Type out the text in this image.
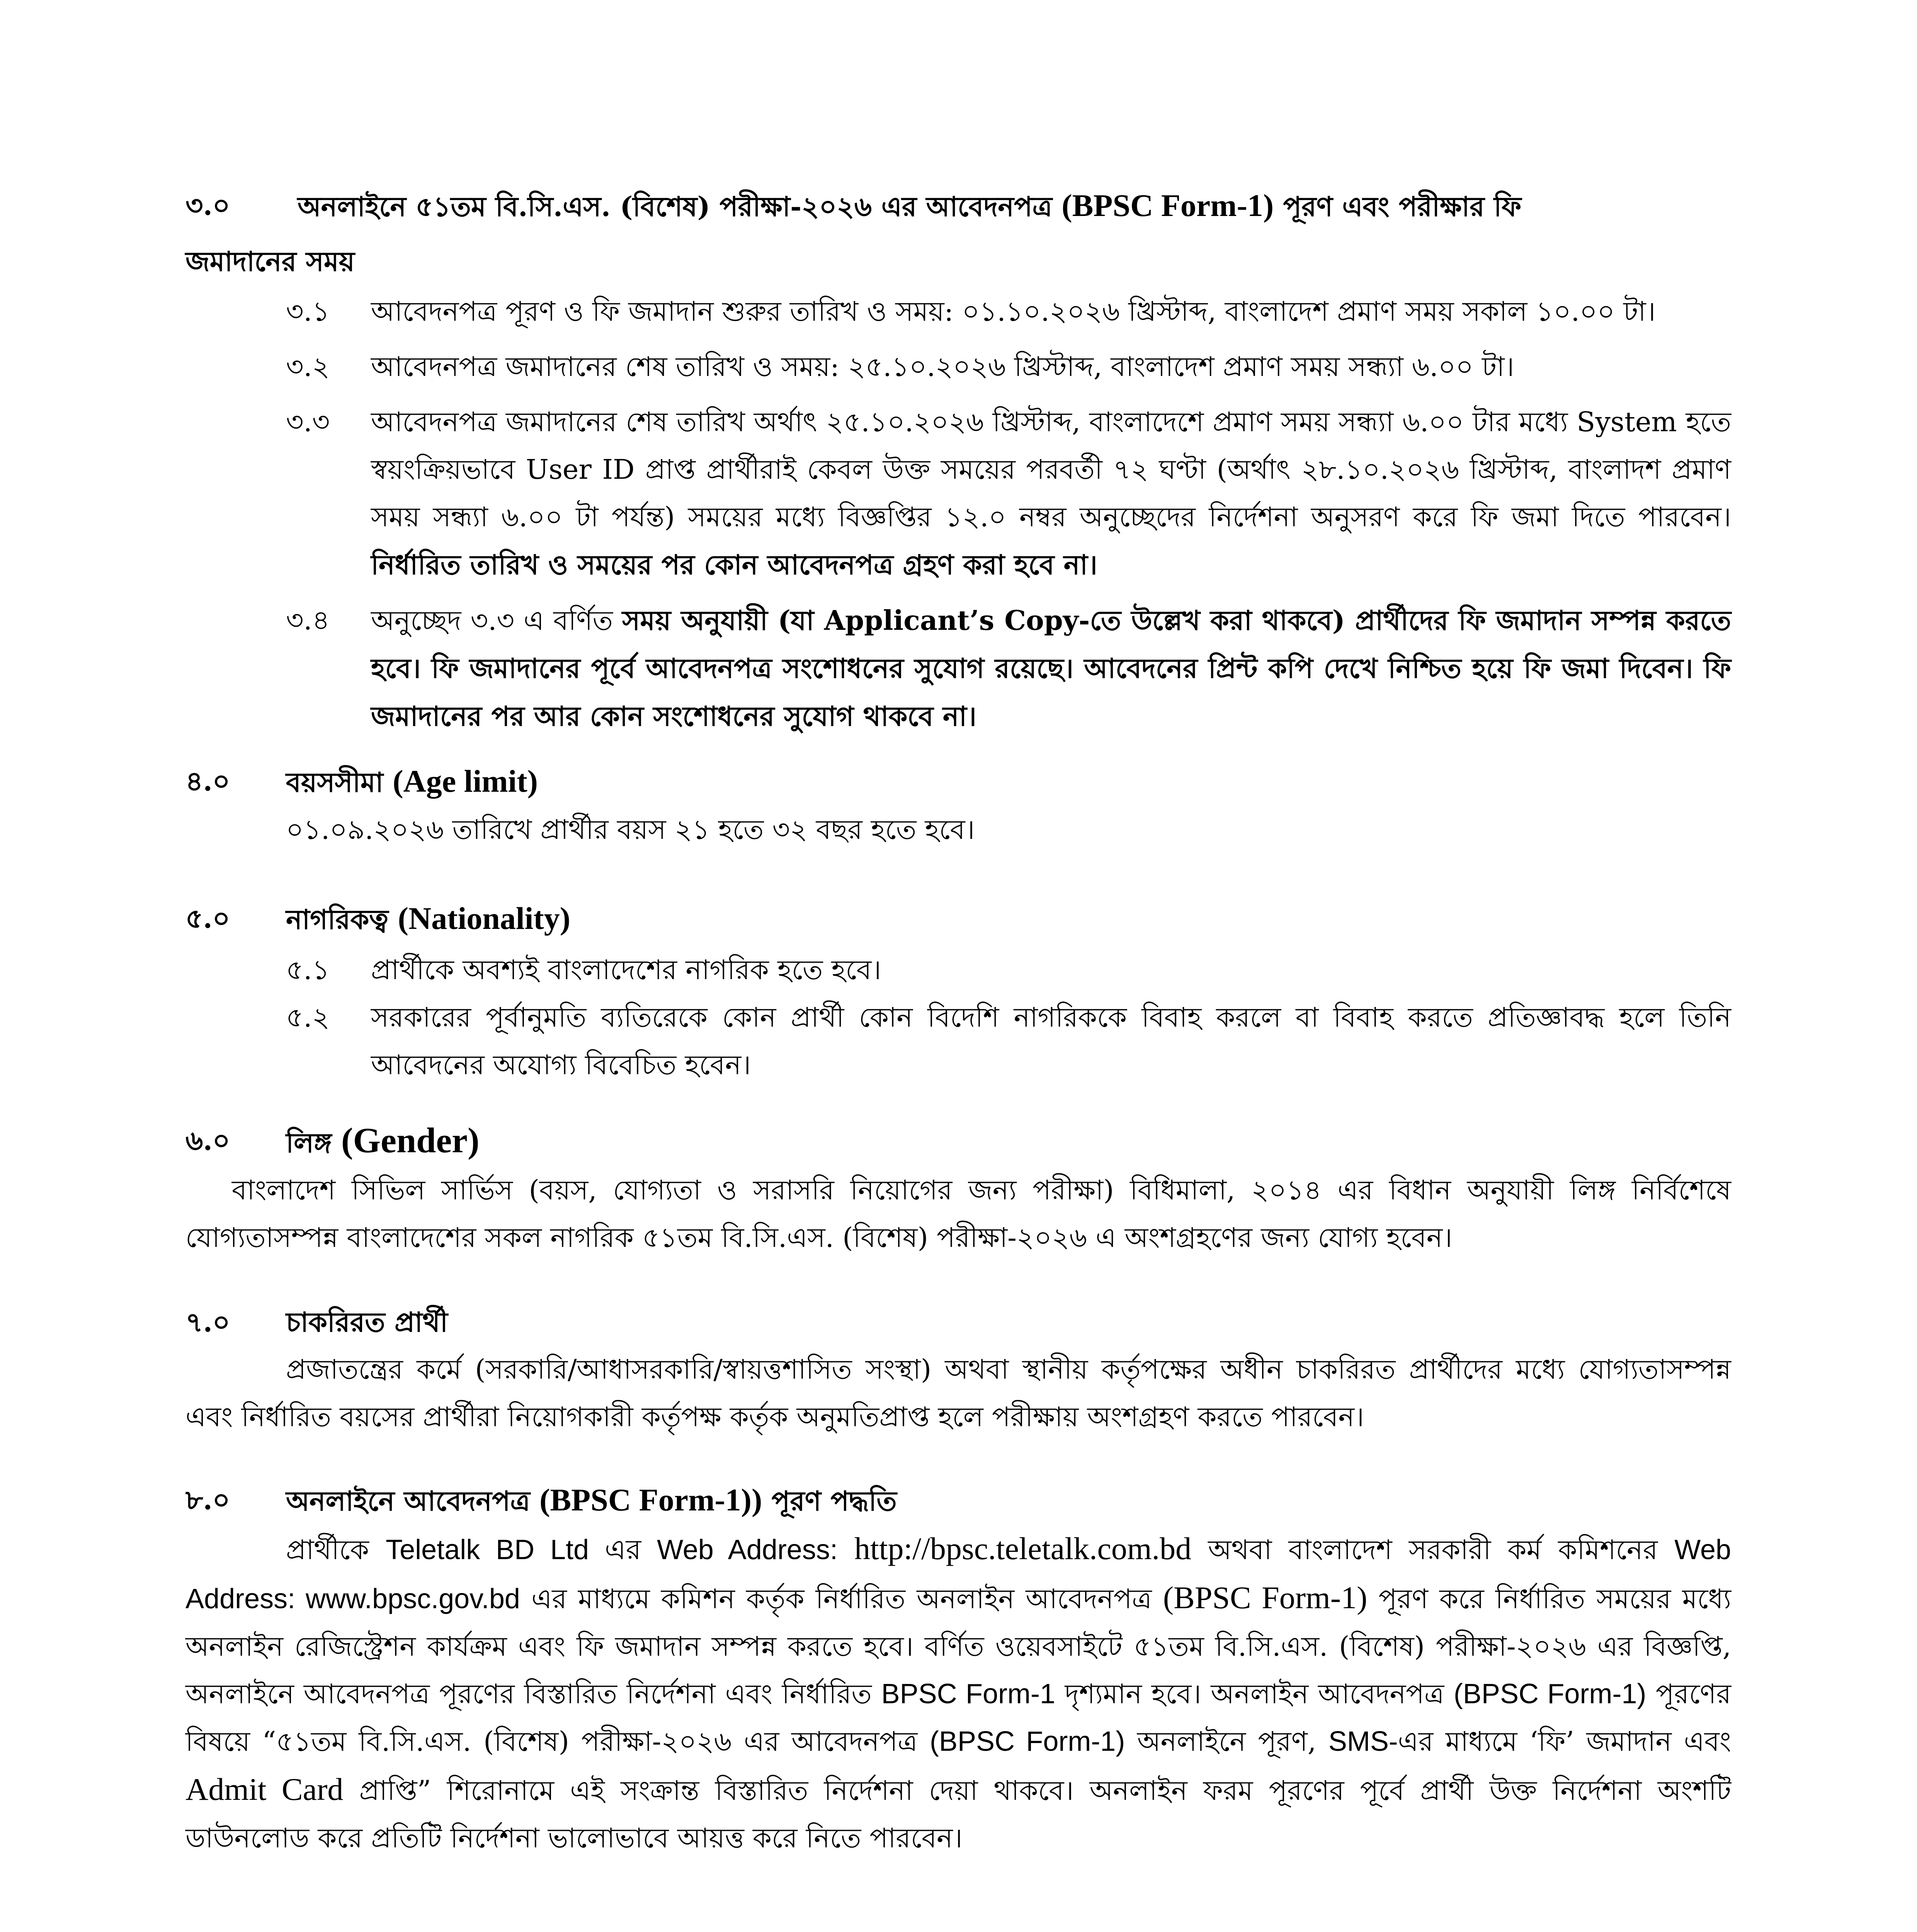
৩.০	অনলাইনে ৫১তম বি.সি.এস. (বিশেষ) পরীক্ষা-২০২৬ এর আবেদনপত্র (BPSC Form-1) পূরণ এবং পরীক্ষার ফি
জমাদানের সময়
৩.১ আবেদনপত্র পূরণ ও ফি জমাদান শুরুর তারিখ ও সময়: ০১.১০.২০২৬ খ্রিস্টাব্দ, বাংলাদেশ প্রমাণ সময় সকাল ১০.০০ টা।
৩.২ আবেদনপত্র জমাদানের শেষ তারিখ ও সময়: ২৫.১০.২০২৬ খ্রিস্টাব্দ, বাংলাদেশ প্রমাণ সময় সন্ধ্যা ৬.০০ টা।
৩.৩ আবেদনপত্র জমাদানের শেষ তারিখ অর্থাৎ ২৫.১০.২০২৬ খ্রিস্টাব্দ, বাংলাদেশে প্রমাণ সময় সন্ধ্যা ৬.০০ টার মধ্যে System হতে স্বয়ংক্রিয়ভাবে User ID প্রাপ্ত প্রার্থীরাই কেবল উক্ত সময়ের পরবর্তী ৭২ ঘণ্টা (অর্থাৎ ২৮.১০.২০২৬ খ্রিস্টাব্দ, বাংলাদশ প্রমাণ সময় সন্ধ্যা ৬.০০ টা পর্যন্ত) সময়ের মধ্যে বিজ্ঞপ্তির ১২.০ নম্বর অনুচ্ছেদের নির্দেশনা অনুসরণ করে ফি জমা দিতে পারবেন। নির্ধারিত তারিখ ও সময়ের পর কোন আবেদনপত্র গ্রহণ করা হবে না।
৩.৪ অনুচ্ছেদ ৩.৩ এ বর্ণিত সময় অনুযায়ী (যা Applicant’s Copy-তে উল্লেখ করা থাকবে) প্রার্থীদের ফি জমাদান সম্পন্ন করতে হবে। ফি জমাদানের পূর্বে আবেদনপত্র সংশোধনের সুযোগ রয়েছে। আবেদনের প্রিন্ট কপি দেখে নিশ্চিত হয়ে ফি জমা দিবেন। ফি জমাদানের পর আর কোন সংশোধনের সুযোগ থাকবে না।
৪.০ বয়সসীমা (Age limit)
০১.০৯.২০২৬ তারিখে প্রার্থীর বয়স ২১ হতে ৩২ বছর হতে হবে।
৫.০ নাগরিকত্ব (Nationality)
৫.১ প্রার্থীকে অবশ্যই বাংলাদেশের নাগরিক হতে হবে।
৫.২ সরকারের পূর্বানুমতি ব্যতিরেকে কোন প্রার্থী কোন বিদেশি নাগরিককে বিবাহ করলে বা বিবাহ করতে প্রতিজ্ঞাবদ্ধ হলে তিনি আবেদনের অযোগ্য বিবেচিত হবেন।
৬.০ লিঙ্গ (Gender)
বাংলাদেশ সিভিল সার্ভিস (বয়স, যোগ্যতা ও সরাসরি নিয়োগের জন্য পরীক্ষা) বিধিমালা, ২০১৪ এর বিধান অনুযায়ী লিঙ্গ নির্বিশেষে যোগ্যতাসম্পন্ন বাংলাদেশের সকল নাগরিক ৫১তম বি.সি.এস. (বিশেষ) পরীক্ষা-২০২৬ এ অংশগ্রহণের জন্য যোগ্য হবেন।
৭.০ চাকরিরত প্রার্থী
প্রজাতন্ত্রের কর্মে (সরকারি/আধাসরকারি/স্বায়ত্তশাসিত সংস্থা) অথবা স্থানীয় কর্তৃপক্ষের অধীন চাকরিরত প্রার্থীদের মধ্যে যোগ্যতাসম্পন্ন এবং নির্ধারিত বয়সের প্রার্থীরা নিয়োগকারী কর্তৃপক্ষ কর্তৃক অনুমতিপ্রাপ্ত হলে পরীক্ষায় অংশগ্রহণ করতে পারবেন।
৮.০ অনলাইনে আবেদনপত্র (BPSC Form-1)) পূরণ পদ্ধতি
প্রার্থীকে Teletalk BD Ltd এর Web Address: http://bpsc.teletalk.com.bd অথবা বাংলাদেশ সরকারী কর্ম কমিশনের Web Address: www.bpsc.gov.bd এর মাধ্যমে কমিশন কর্তৃক নির্ধারিত অনলাইন আবেদনপত্র (BPSC Form-1) পূরণ করে নির্ধারিত সময়ের মধ্যে অনলাইন রেজিস্ট্রেশন কার্যক্রম এবং ফি জমাদান সম্পন্ন করতে হবে। বর্ণিত ওয়েবসাইটে ৫১তম বি.সি.এস. (বিশেষ) পরীক্ষা-২০২৬ এর বিজ্ঞপ্তি, অনলাইনে আবেদনপত্র পূরণের বিস্তারিত নির্দেশনা এবং নির্ধারিত BPSC Form-1 দৃশ্যমান হবে। অনলাইন আবেদনপত্র (BPSC Form-1) পূরণের বিষয়ে “৫১তম বি.সি.এস. (বিশেষ) পরীক্ষা-২০২৬ এর আবেদনপত্র (BPSC Form-1) অনলাইনে পূরণ, SMS-এর মাধ্যমে ‘ফি’ জমাদান এবং Admit Card প্রাপ্তি” শিরোনামে এই সংক্রান্ত বিস্তারিত নির্দেশনা দেয়া থাকবে। অনলাইন ফরম পূরণের পূর্বে প্রার্থী উক্ত নির্দেশনা অংশটি ডাউনলোড করে প্রতিটি নির্দেশনা ভালোভাবে আয়ত্ত করে নিতে পারবেন।
